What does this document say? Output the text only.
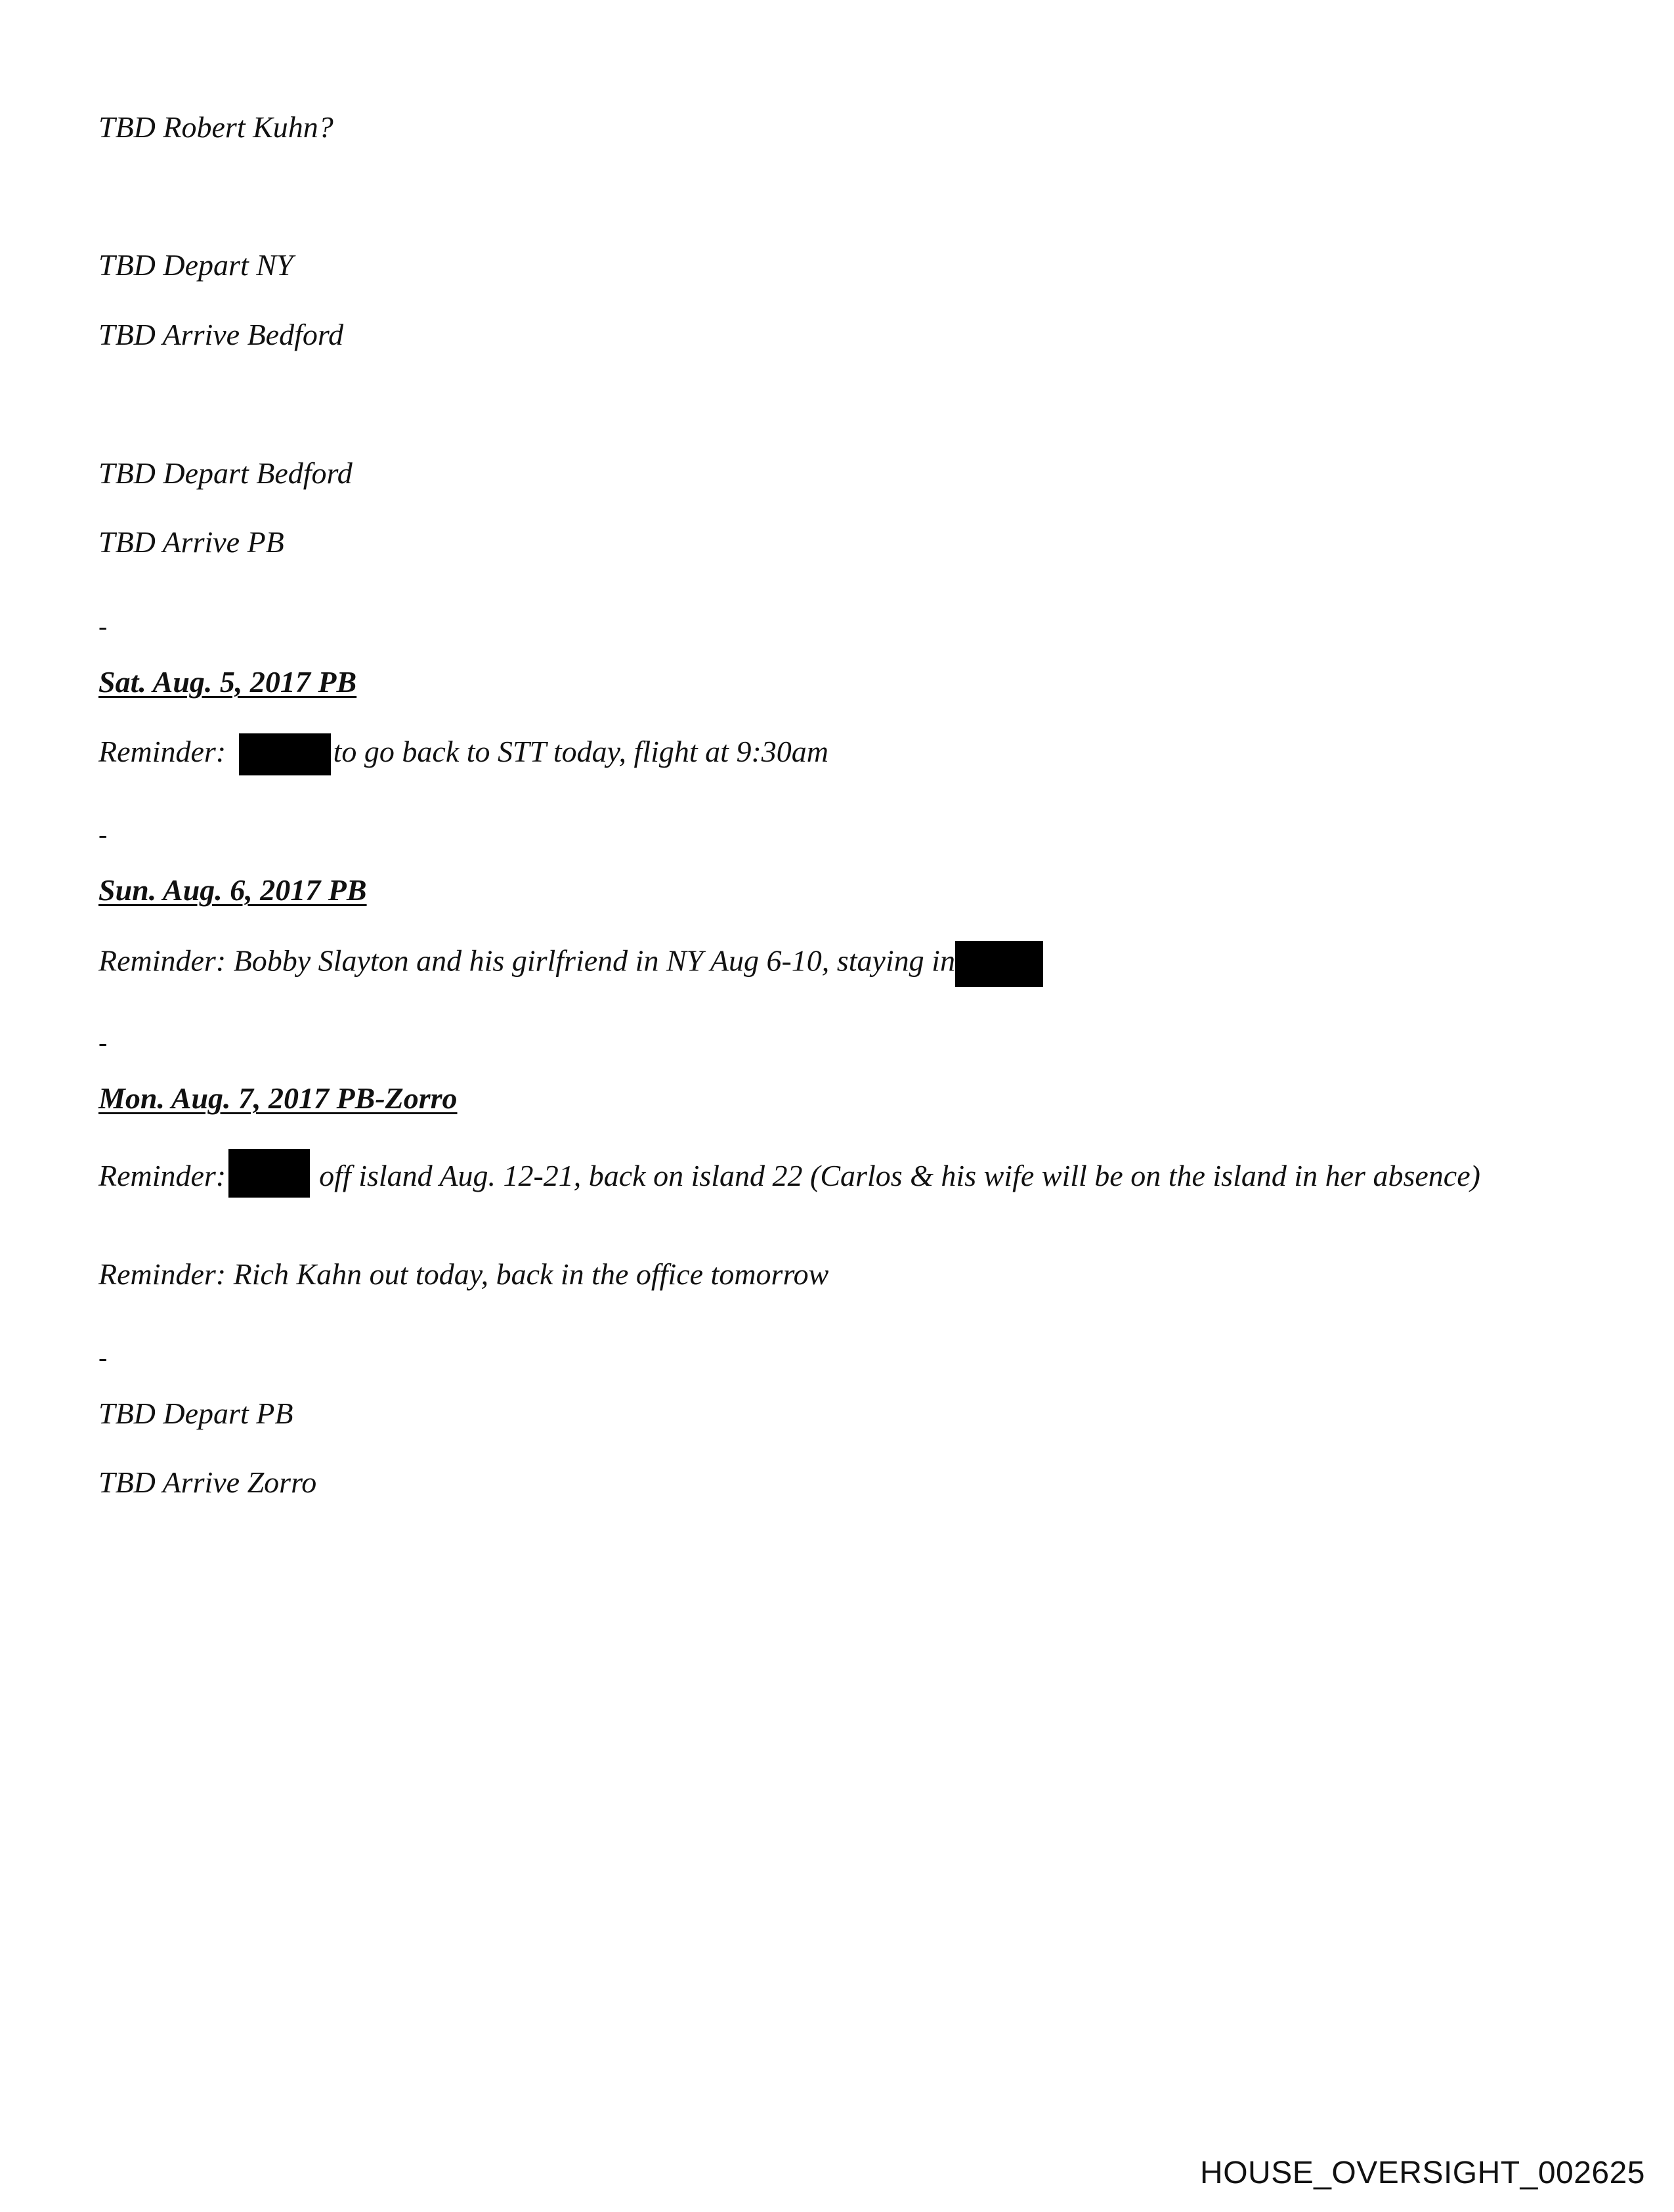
TBD Robert Kuhn?
TBD Depart NY
TBD Arrive Bedford
TBD Depart Bedford
TBD Arrive PB
-
Sat. Aug. 5, 2017 PB
Reminder:	to go back to STT today, flight at 9:30am
-
Sun. Aug. 6, 2017 PB
Reminder: Bobby Slayton and his girlfriend in NY Aug 6-10, staying in
-
Mon. Aug. 7, 2017 PB-Zorro
Reminder:	off island Aug. 12-21, back on island 22 (Carlos & his wife will be on the island in her absence)
Reminder: Rich Kahn out today, back in the office tomorrow
-
TBD Depart PB
TBD Arrive Zorro
HOUSE_OVERSIGHT_002625
